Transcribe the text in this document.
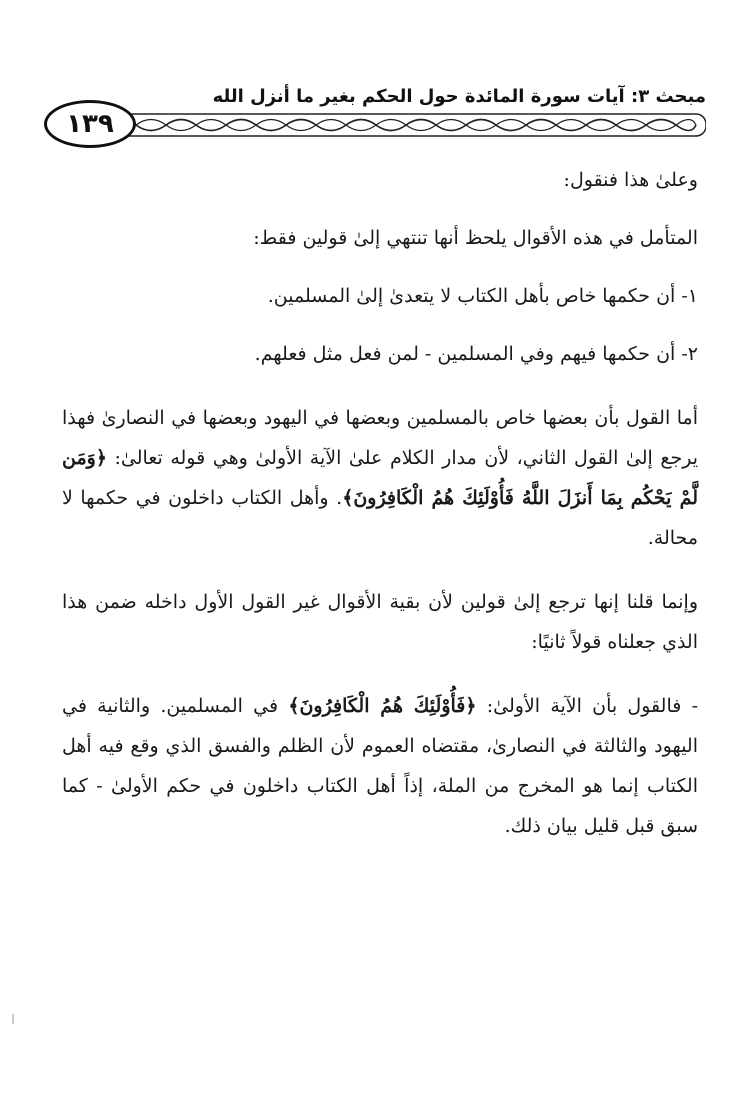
مبحث ٣: آيات سورة المائدة حول الحكم بغير ما أنزل الله
١٣٩

وعلىٰ هذا فنقول:

المتأمل في هذه الأقوال يلحظ أنها تنتهي إلىٰ قولين فقط:

١- أن حكمها خاص بأهل الكتاب لا يتعدىٰ إلىٰ المسلمين.

٢- أن حكمها فيهم وفي المسلمين - لمن فعل مثل فعلهم.

أما القول بأن بعضها خاص بالمسلمين وبعضها في اليهود وبعضها في النصارىٰ فهذا يرجع إلىٰ القول الثاني، لأن مدار الكلام علىٰ الآية الأولىٰ وهي قوله تعالىٰ: ﴿وَمَن لَّمْ يَحْكُم بِمَا أَنزَلَ اللَّهُ فَأُوْلَئِكَ هُمُ الْكَافِرُونَ﴾. وأهل الكتاب داخلون في حكمها لا محالة.

وإنما قلنا إنها ترجع إلىٰ قولين لأن بقية الأقوال غير القول الأول داخله ضمن هذا الذي جعلناه قولاً ثانيًا:

- فالقول بأن الآية الأولىٰ: ﴿فَأُوْلَئِكَ هُمُ الْكَافِرُونَ﴾ في المسلمين. والثانية في اليهود والثالثة في النصارىٰ، مقتضاه العموم لأن الظلم والفسق الذي وقع فيه أهل الكتاب إنما هو المخرج من الملة، إذاً أهل الكتاب داخلون في حكم الأولىٰ - كما سبق قبل قليل بيان ذلك.
